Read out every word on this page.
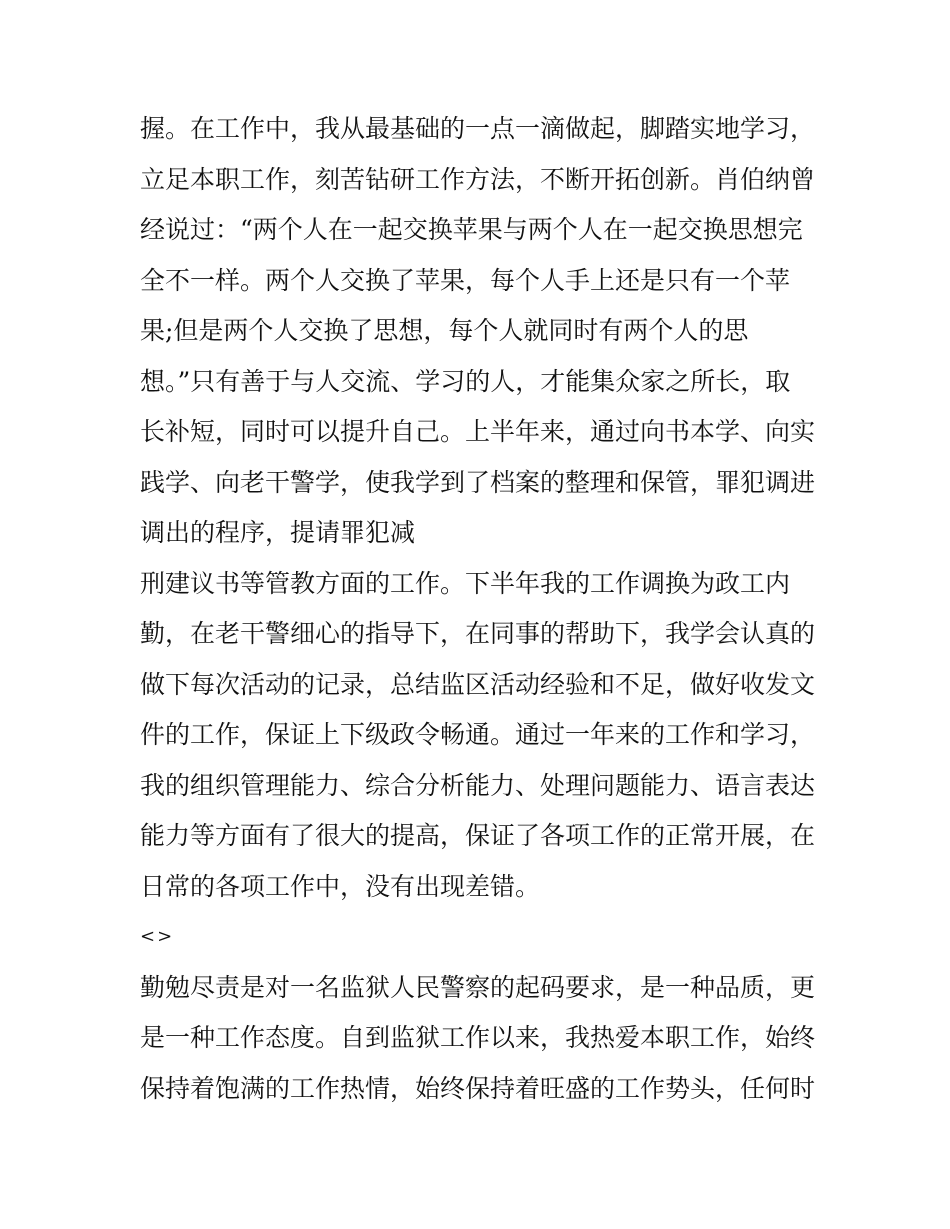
握。在工作中，我从最基础的一点一滴做起，脚踏实地学习，
立足本职工作，刻苦钻研工作方法，不断开拓创新。肖伯纳曾
经说过：“两个人在一起交换苹果与两个人在一起交换思想完
全不一样。两个人交换了苹果，每个人手上还是只有一个苹
果;但是两个人交换了思想，每个人就同时有两个人的思
想。”只有善于与人交流、学习的人，才能集众家之所长，取
长补短，同时可以提升自己。上半年来，通过向书本学、向实
践学、向老干警学，使我学到了档案的整理和保管，罪犯调进
调出的程序，提请罪犯减
刑建议书等管教方面的工作。下半年我的工作调换为政工内
勤，在老干警细心的指导下，在同事的帮助下，我学会认真的
做下每次活动的记录，总结监区活动经验和不足，做好收发文
件的工作，保证上下级政令畅通。通过一年来的工作和学习，
我的组织管理能力、综合分析能力、处理问题能力、语言表达
能力等方面有了很大的提高，保证了各项工作的正常开展，在
日常的各项工作中，没有出现差错。
<>
勤勉尽责是对一名监狱人民警察的起码要求，是一种品质，更
是一种工作态度。自到监狱工作以来，我热爱本职工作，始终
保持着饱满的工作热情，始终保持着旺盛的工作势头，任何时
